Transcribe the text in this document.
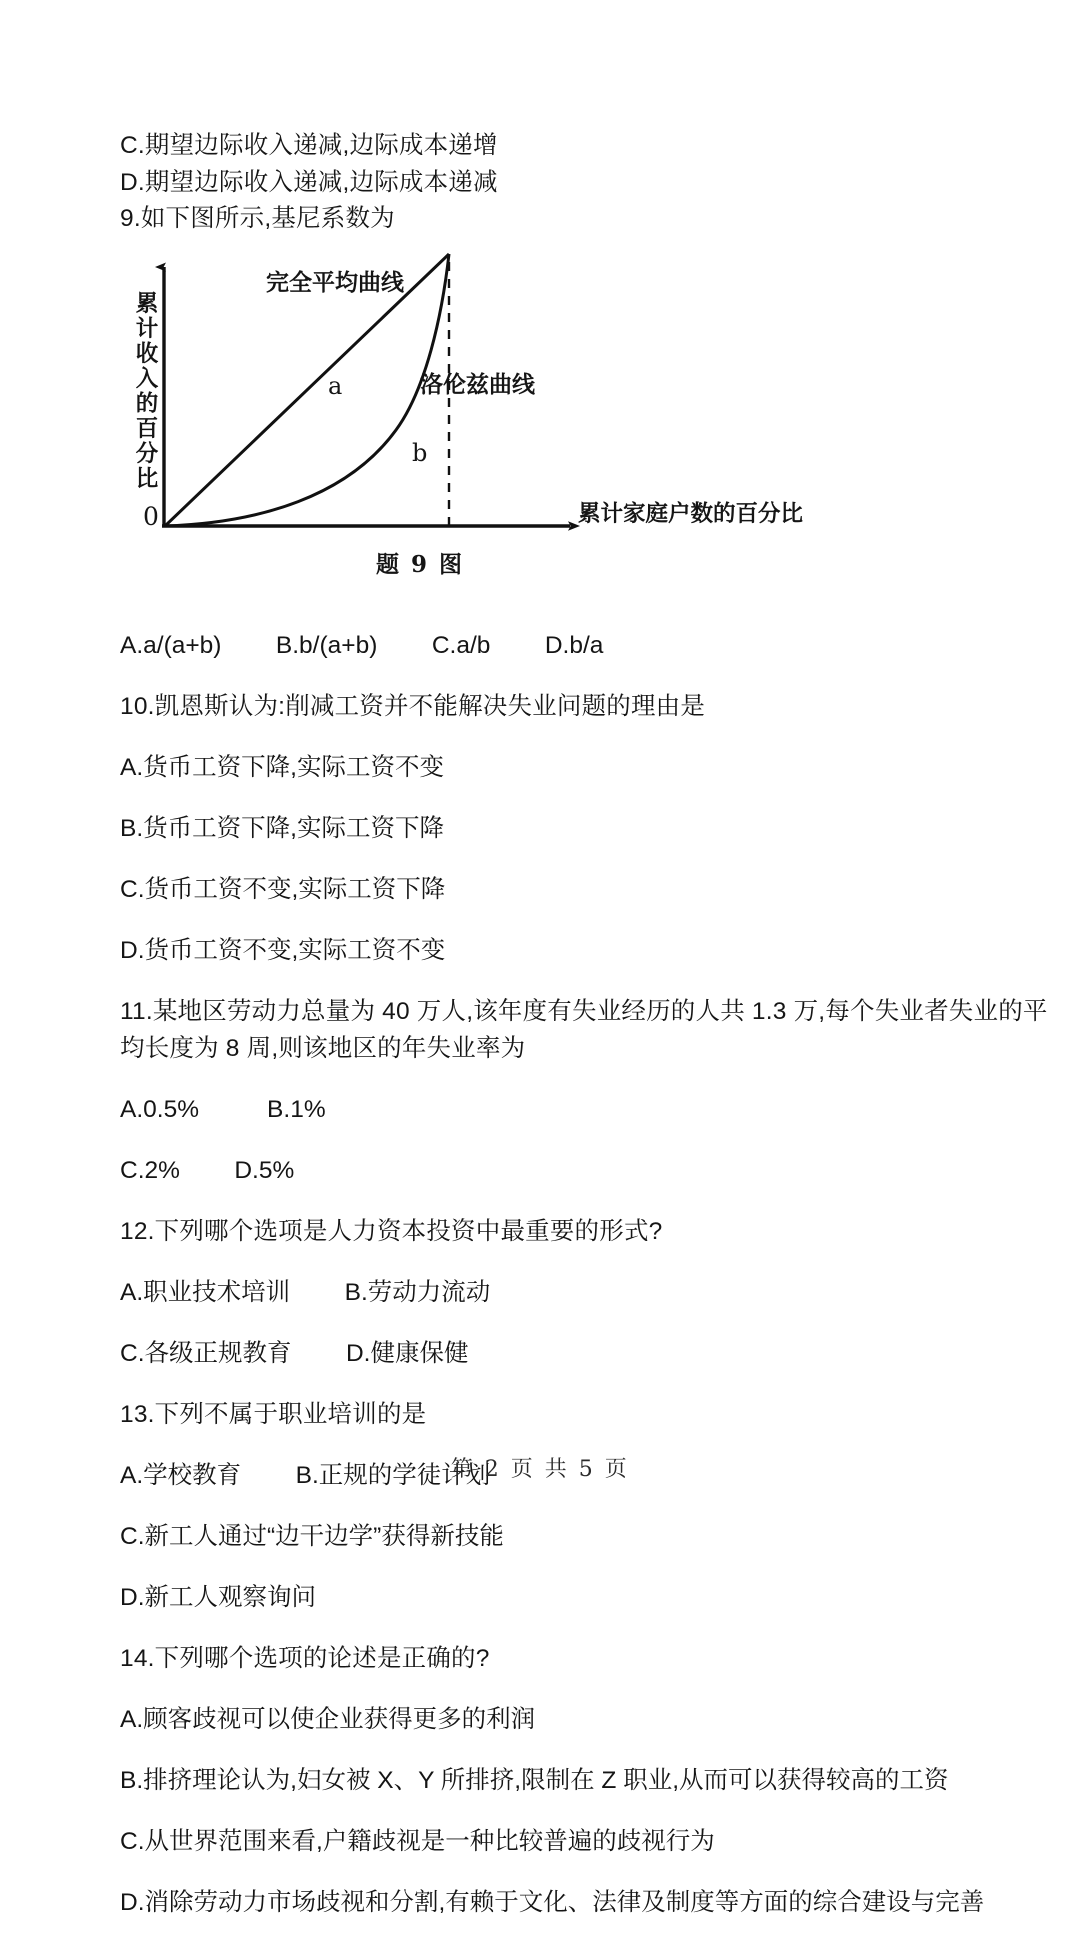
C.期望边际收入递减,边际成本递增

D.期望边际收入递减,边际成本递减

9.如下图所示,基尼系数为

0
累计收入的百分比
累计家庭户数的百分比
完全平均曲线
洛伦兹曲线
a
b
题 9 图

A.a/(a+b)        B.b/(a+b)        C.a/b        D.b/a

10.凯恩斯认为:削减工资并不能解决失业问题的理由是

A.货币工资下降,实际工资不变

B.货币工资下降,实际工资下降

C.货币工资不变,实际工资下降

D.货币工资不变,实际工资不变

11.某地区劳动力总量为 40 万人,该年度有失业经历的人共 1.3 万,每个失业者失业的平

均长度为 8 周,则该地区的年失业率为

A.0.5%          B.1%

C.2%        D.5%

12.下列哪个选项是人力资本投资中最重要的形式?

A.职业技术培训        B.劳动力流动

C.各级正规教育        D.健康保健

13.下列不属于职业培训的是

A.学校教育        B.正规的学徒计划

C.新工人通过“边干边学”获得新技能

D.新工人观察询问

14.下列哪个选项的论述是正确的?

A.顾客歧视可以使企业获得更多的利润

B.排挤理论认为,妇女被 X、Y 所排挤,限制在 Z 职业,从而可以获得较高的工资

C.从世界范围来看,户籍歧视是一种比较普遍的歧视行为

D.消除劳动力市场歧视和分割,有赖于文化、法律及制度等方面的综合建设与完善

第 2 页 共 5 页
